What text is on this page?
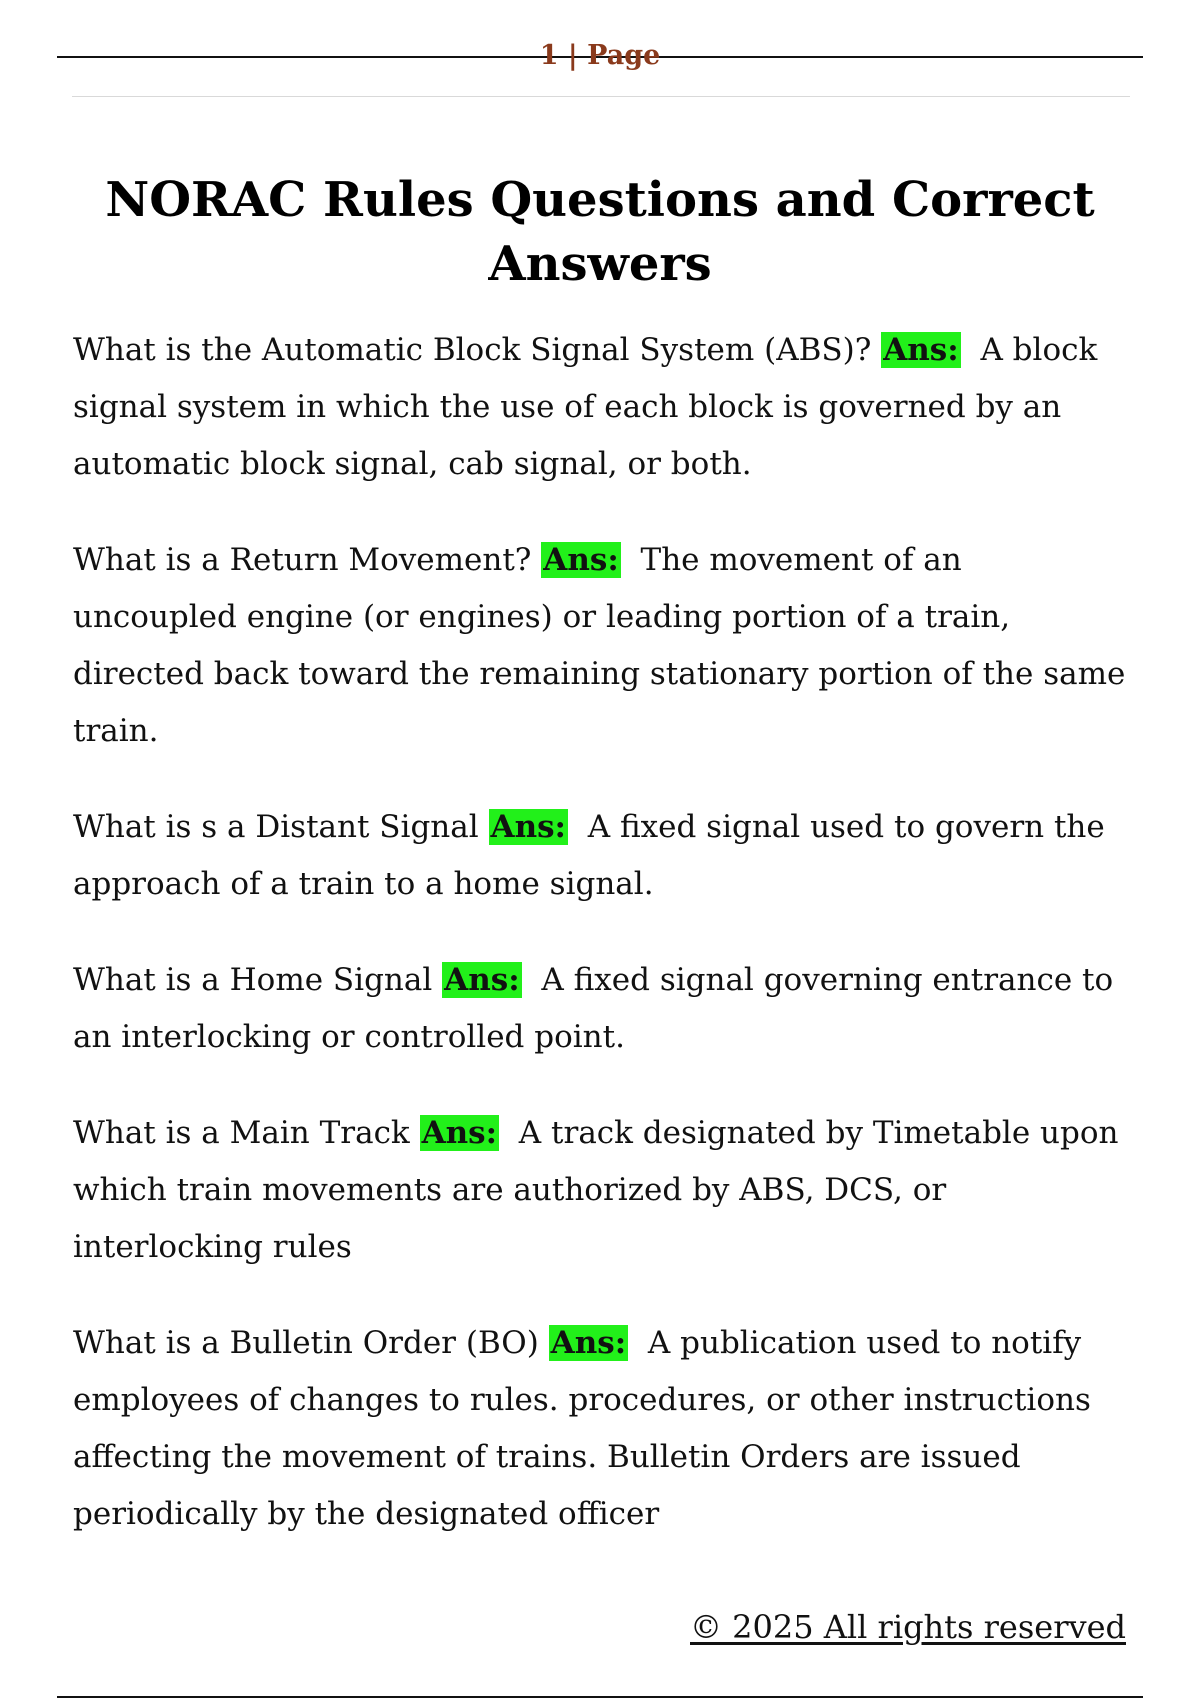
1 | Page
NORAC Rules Questions and Correct Answers

What is the Automatic Block Signal System (ABS)? Ans: A block signal system in which the use of each block is governed by an automatic block signal, cab signal, or both.

What is a Return Movement? Ans: The movement of an uncoupled engine (or engines) or leading portion of a train, directed back toward the remaining stationary portion of the same train.

What is s a Distant Signal Ans: A fixed signal used to govern the approach of a train to a home signal.

What is a Home Signal Ans: A fixed signal governing entrance to an interlocking or controlled point.

What is a Main Track Ans: A track designated by Timetable upon which train movements are authorized by ABS, DCS, or interlocking rules

What is a Bulletin Order (BO) Ans: A publication used to notify employees of changes to rules. procedures, or other instructions affecting the movement of trains. Bulletin Orders are issued periodically by the designated officer

© 2025 All rights reserved
